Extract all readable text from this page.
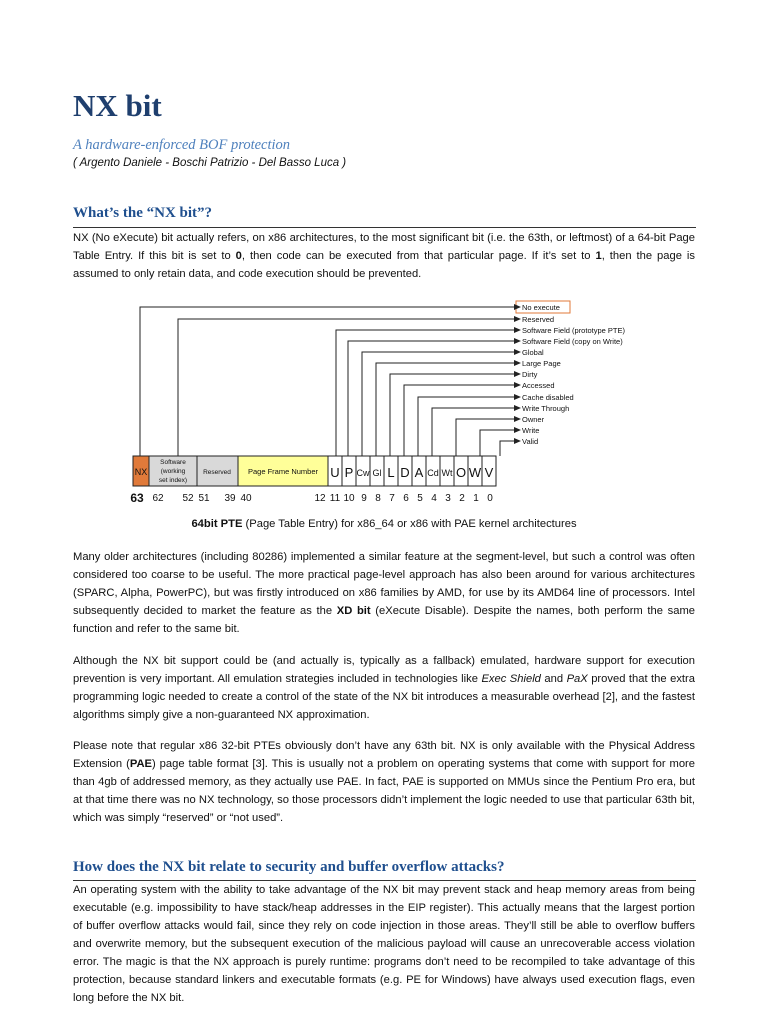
NX bit
A hardware-enforced BOF protection
( Argento Daniele - Boschi Patrizio - Del Basso Luca )
What’s the “NX bit”?

NX (No eXecute) bit actually refers, on x86 architectures, to the most significant bit (i.e. the 63th, or leftmost) of a 64-bit Page Table Entry. If this bit is set to 0, then code can be executed from that particular page. If it’s set to 1, then the page is assumed to only retain data, and code execution should be prevented.

No execute
Reserved
Software Field (prototype PTE)
Software Field (copy on Write)
Global
Large Page
Dirty
Accessed
Cache disabled
Write Through
Owner
Write
Valid
NX
Software
(working
set index)
Reserved Page Frame Number U P Cw Gl L D A Cd Wt O W V
63 62 52 51 39 40	12 11 10 9 8 7 6 5 4 3 2 1 0
64bit PTE (Page Table Entry) for x86_64 or x86 with PAE kernel architectures

Many older architectures (including 80286) implemented a similar feature at the segment-level, but such a control was often considered too coarse to be useful. The more practical page-level approach has also been around for various architectures (SPARC, Alpha, PowerPC), but was firstly introduced on x86 families by AMD, for use by its AMD64 line of processors. Intel subsequently decided to market the feature as the XD bit (eXecute Disable). Despite the names, both perform the same function and refer to the same bit.

Although the NX bit support could be (and actually is, typically as a fallback) emulated, hardware support for execution prevention is very important. All emulation strategies included in technologies like Exec Shield and PaX proved that the extra programming logic needed to create a control of the state of the NX bit introduces a measurable overhead [2], and the fastest algorithms simply give a non-guaranteed NX approximation.

Please note that regular x86 32-bit PTEs obviously don’t have any 63th bit. NX is only available with the Physical Address Extension (PAE) page table format [3]. This is usually not a problem on operating systems that come with support for more than 4gb of addressed memory, as they actually use PAE. In fact, PAE is supported on MMUs since the Pentium Pro era, but at that time there was no NX technology, so those processors didn’t implement the logic needed to use that particular 63th bit, which was simply “reserved” or “not used”.

How does the NX bit relate to security and buffer overflow attacks?

An operating system with the ability to take advantage of the NX bit may prevent stack and heap memory areas from being executable (e.g. impossibility to have stack/heap addresses in the EIP register). This actually means that the largest portion of buffer overflow attacks would fail, since they rely on code injection in those areas. They’ll still be able to overflow buffers and overwrite memory, but the subsequent execution of the malicious payload will cause an unrecoverable access violation error. The magic is that the NX approach is purely runtime: programs don’t need to be recompiled to take advantage of this protection, because standard linkers and executable formats (e.g. PE for Windows) have always used execution flags, even long before the NX bit.
